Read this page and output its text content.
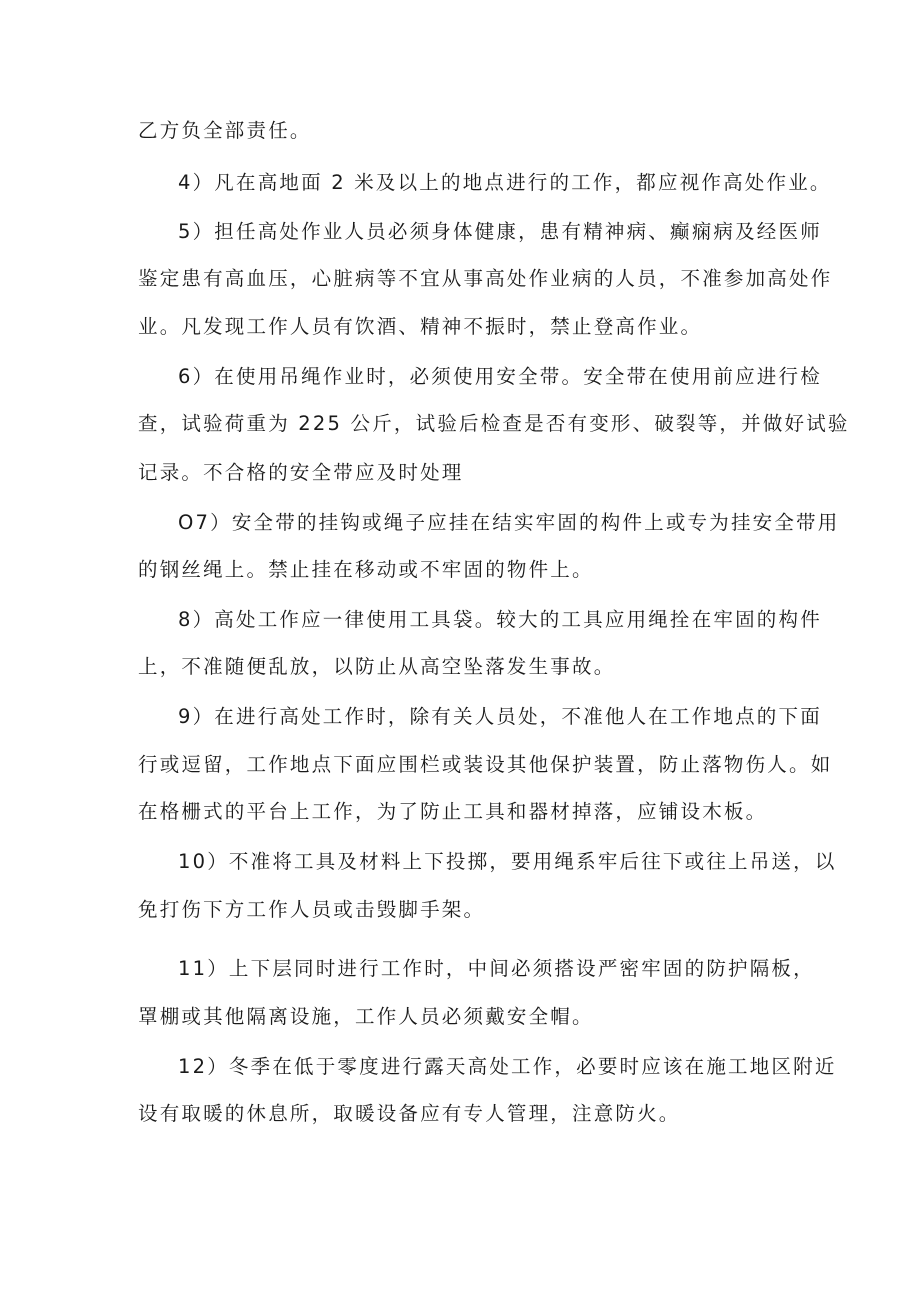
乙方负全部责任。
4）凡在高地面 2 米及以上的地点进行的工作，都应视作高处作业。
5）担任高处作业人员必须身体健康，患有精神病、癫痫病及经医师
鉴定患有高血压，心脏病等不宜从事高处作业病的人员，不准参加高处作
业。凡发现工作人员有饮酒、精神不振时，禁止登高作业。
6）在使用吊绳作业时，必须使用安全带。安全带在使用前应进行检
查，试验荷重为 225 公斤，试验后检查是否有变形、破裂等，并做好试验
记录。不合格的安全带应及时处理
O7）安全带的挂钩或绳子应挂在结实牢固的构件上或专为挂安全带用
的钢丝绳上。禁止挂在移动或不牢固的物件上。
8）高处工作应一律使用工具袋。较大的工具应用绳拴在牢固的构件
上，不准随便乱放，以防止从高空坠落发生事故。
9）在进行高处工作时，除有关人员处，不准他人在工作地点的下面
行或逗留，工作地点下面应围栏或装设其他保护装置，防止落物伤人。如
在格栅式的平台上工作，为了防止工具和器材掉落，应铺设木板。
10）不准将工具及材料上下投掷，要用绳系牢后往下或往上吊送，以
免打伤下方工作人员或击毁脚手架。
11）上下层同时进行工作时，中间必须搭设严密牢固的防护隔板，
罩棚或其他隔离设施，工作人员必须戴安全帽。
12）冬季在低于零度进行露天高处工作，必要时应该在施工地区附近
设有取暖的休息所，取暖设备应有专人管理，注意防火。
